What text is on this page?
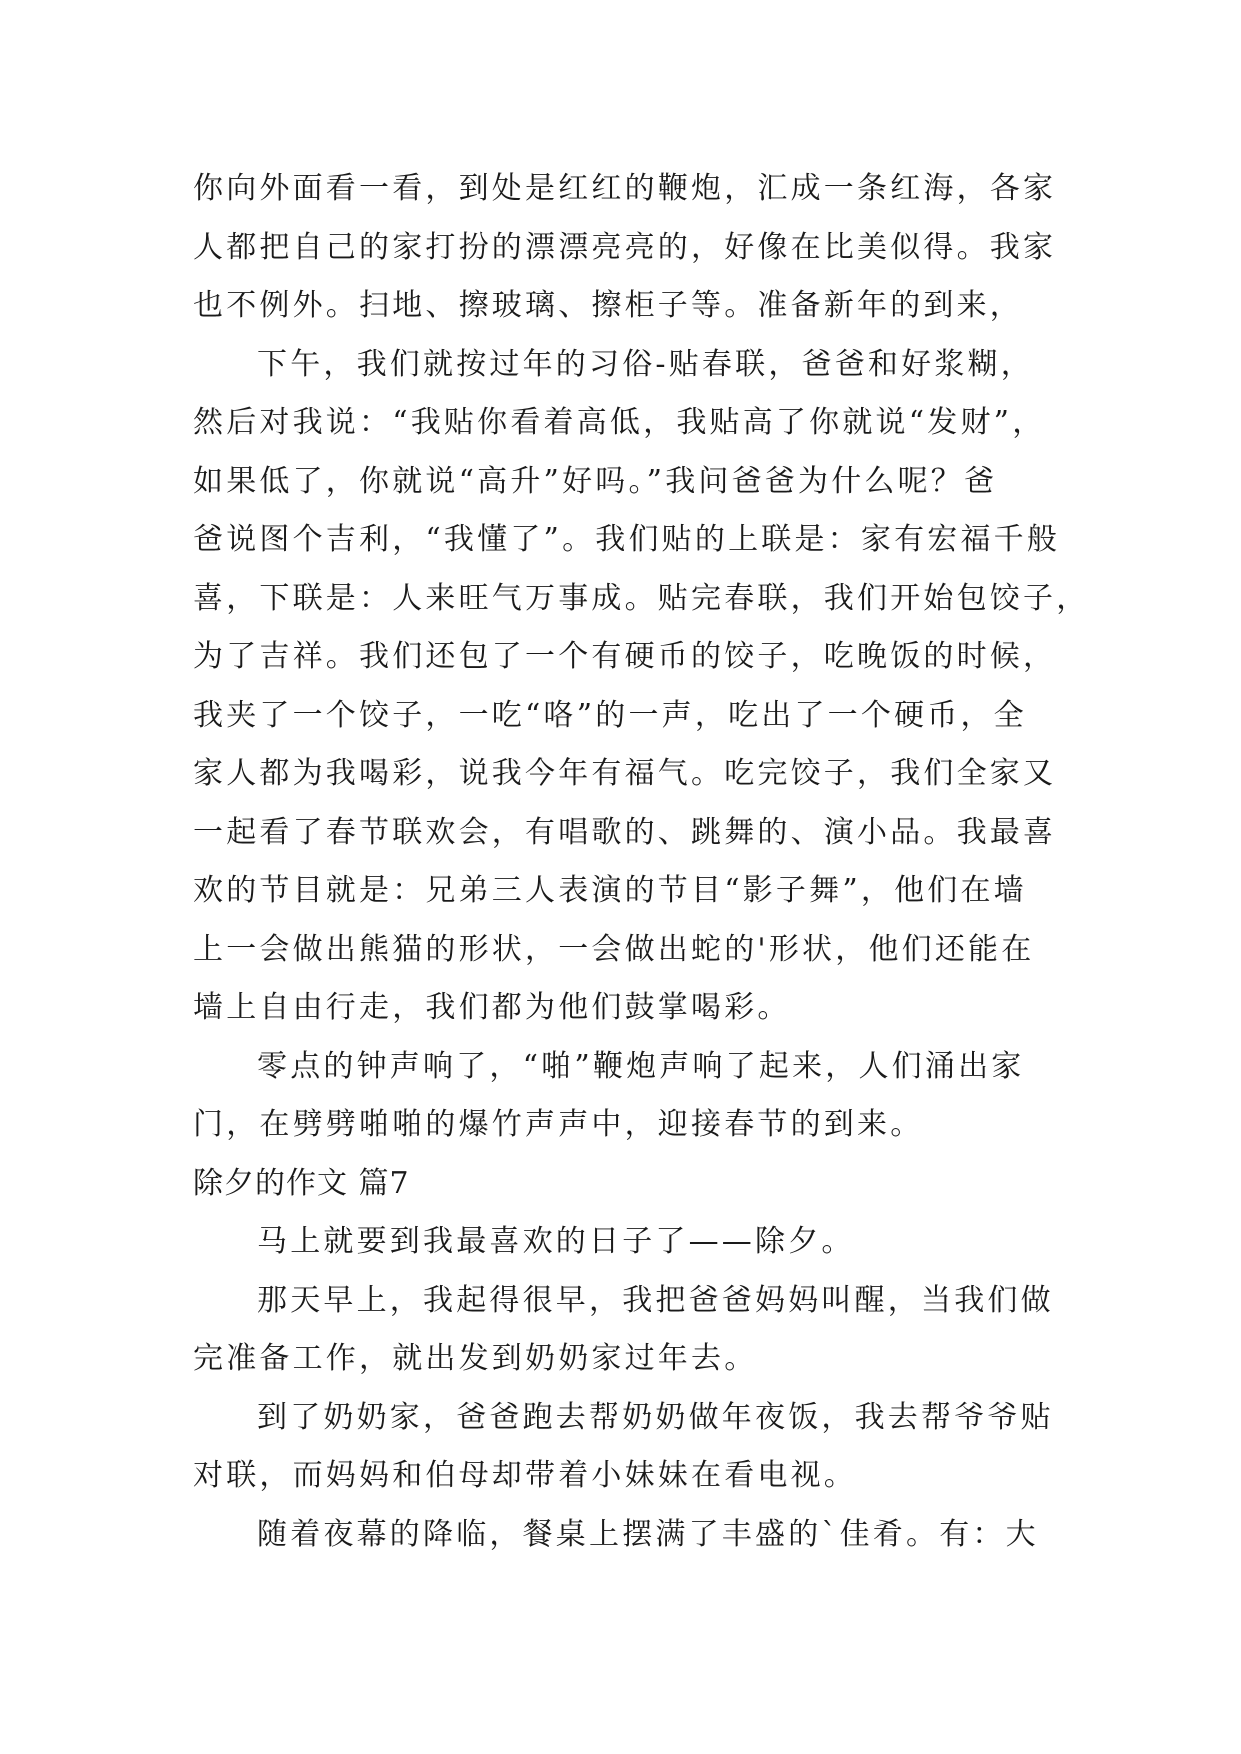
你向外面看一看，到处是红红的鞭炮，汇成一条红海，各家
人都把自己的家打扮的漂漂亮亮的，好像在比美似得。我家
也不例外。扫地、擦玻璃、擦柜子等。准备新年的到来，
下午，我们就按过年的习俗-贴春联，爸爸和好浆糊，
然后对我说：“我贴你看着高低，我贴高了你就说“发财”，
如果低了，你就说“高升”好吗。”我问爸爸为什么呢？爸
爸说图个吉利，“我懂了”。我们贴的上联是：家有宏福千般
喜，下联是：人来旺气万事成。贴完春联，我们开始包饺子，
为了吉祥。我们还包了一个有硬币的饺子，吃晚饭的时候，
我夹了一个饺子，一吃“咯”的一声，吃出了一个硬币，全
家人都为我喝彩，说我今年有福气。吃完饺子，我们全家又
一起看了春节联欢会，有唱歌的、跳舞的、演小品。我最喜
欢的节目就是：兄弟三人表演的节目“影子舞”，他们在墙
上一会做出熊猫的形状，一会做出蛇的'形状，他们还能在
墙上自由行走，我们都为他们鼓掌喝彩。
零点的钟声响了，“啪”鞭炮声响了起来，人们涌出家
门，在劈劈啪啪的爆竹声声中，迎接春节的到来。
除夕的作文 篇7
马上就要到我最喜欢的日子了——除夕。
那天早上，我起得很早，我把爸爸妈妈叫醒，当我们做
完准备工作，就出发到奶奶家过年去。
到了奶奶家，爸爸跑去帮奶奶做年夜饭，我去帮爷爷贴
对联，而妈妈和伯母却带着小妹妹在看电视。
随着夜幕的降临，餐桌上摆满了丰盛的`佳肴。有：大
